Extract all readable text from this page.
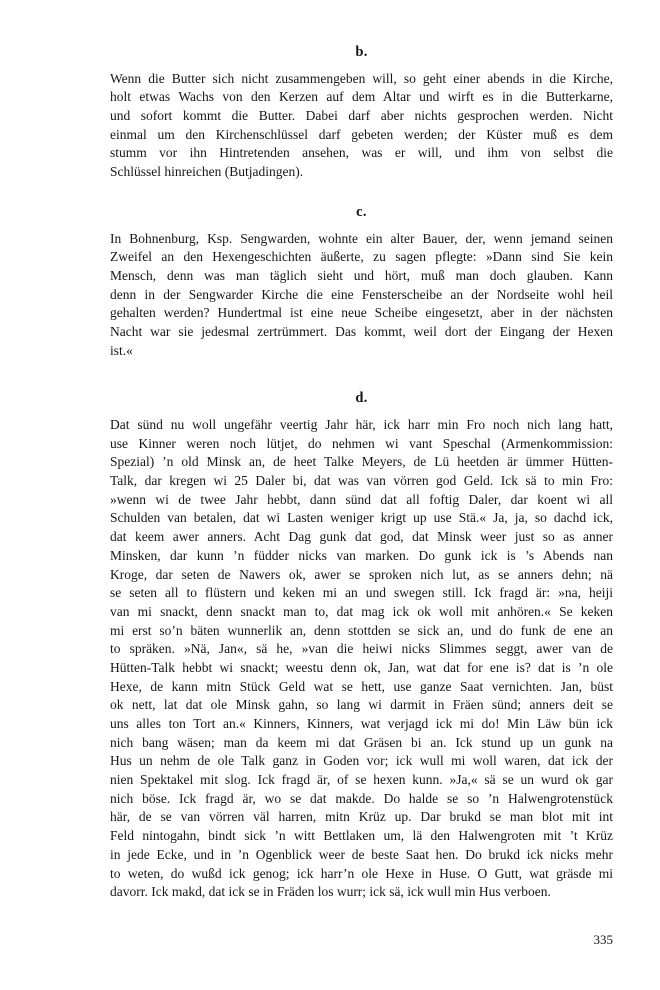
b.
Wenn die Butter sich nicht zusammengeben will, so geht einer abends in die Kirche,
holt etwas Wachs von den Kerzen auf dem Altar und wirft es in die Butterkarne,
und sofort kommt die Butter. Dabei darf aber nichts gesprochen werden. Nicht
einmal um den Kirchenschlüssel darf gebeten werden; der Küster muß es dem
stumm vor ihn Hintretenden ansehen, was er will, und ihm von selbst die
Schlüssel hinreichen (Butjadingen).
c.
In Bohnenburg, Ksp. Sengwarden, wohnte ein alter Bauer, der, wenn jemand seinen
Zweifel an den Hexengeschichten äußerte, zu sagen pflegte: »Dann sind Sie kein
Mensch, denn was man täglich sieht und hört, muß man doch glauben. Kann
denn in der Sengwarder Kirche die eine Fensterscheibe an der Nordseite wohl heil
gehalten werden? Hundertmal ist eine neue Scheibe eingesetzt, aber in der nächsten
Nacht war sie jedesmal zertrümmert. Das kommt, weil dort der Eingang der Hexen
ist.«
d.
Dat sünd nu woll ungefähr veertig Jahr här, ick harr min Fro noch nich lang hatt,
use Kinner weren noch lütjet, do nehmen wi vant Speschal (Armenkommission:
Spezial) ’n old Minsk an, de heet Talke Meyers, de Lü heetden är ümmer Hütten-
Talk, dar kregen wi 25 Daler bi, dat was van vörren god Geld. Ick sä to min Fro:
»wenn wi de twee Jahr hebbt, dann sünd dat all foftig Daler, dar koent wi all
Schulden van betalen, dat wi Lasten weniger krigt up use Stä.« Ja, ja, so dachd ick,
dat keem awer anners. Acht Dag gunk dat god, dat Minsk weer just so as anner
Minsken, dar kunn ’n füdder nicks van marken. Do gunk ick is ’s Abends nan
Kroge, dar seten de Nawers ok, awer se sproken nich lut, as se anners dehn; nä
se seten all to flüstern und keken mi an und swegen still. Ick fragd är: »na, heiji
van mi snackt, denn snackt man to, dat mag ick ok woll mit anhören.« Se keken
mi erst so’n bäten wunnerlik an, denn stottden se sick an, und do funk de ene an
to spräken. »Nä, Jan«, sä he, »van die heiwi nicks Slimmes seggt, awer van de
Hütten-Talk hebbt wi snackt; weestu denn ok, Jan, wat dat for ene is? dat is ’n ole
Hexe, de kann mitn Stück Geld wat se hett, use ganze Saat vernichten. Jan, büst
ok nett, lat dat ole Minsk gahn, so lang wi darmit in Fräen sünd; anners deit se
uns alles ton Tort an.« Kinners, Kinners, wat verjagd ick mi do! Min Läw bün ick
nich bang wäsen; man da keem mi dat Gräsen bi an. Ick stund up un gunk na
Hus un nehm de ole Talk ganz in Goden vor; ick wull mi woll waren, dat ick der
nien Spektakel mit slog. Ick fragd är, of se hexen kunn. »Ja,« sä se un wurd ok gar
nich böse. Ick fragd är, wo se dat makde. Do halde se so ’n Halwengrotenstück
här, de se van vörren väl harren, mitn Krüz up. Dar brukd se man blot mit int
Feld nintogahn, bindt sick ’n witt Bettlaken um, lä den Halwengroten mit ’t Krüz
in jede Ecke, und in ’n Ogenblick weer de beste Saat hen. Do brukd ick nicks mehr
to weten, do wußd ick genog; ick harr’n ole Hexe in Huse. O Gutt, wat gräsde mi
davorr. Ick makd, dat ick se in Fräden los wurr; ick sä, ick wull min Hus verboen.
335
